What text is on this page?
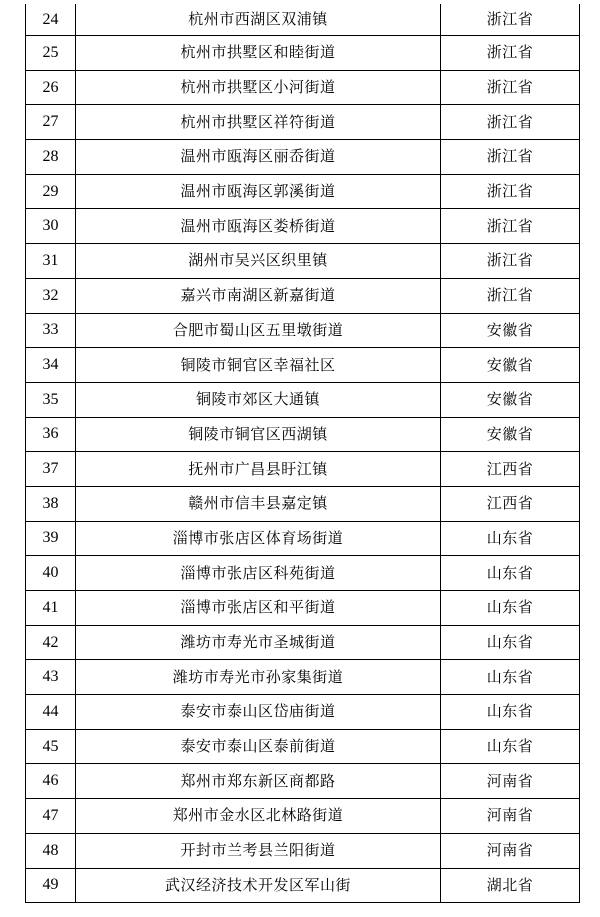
24	杭州市西湖区双浦镇	浙江省
25	杭州市拱墅区和睦街道	浙江省
26	杭州市拱墅区小河街道	浙江省
27	杭州市拱墅区祥符街道	浙江省
28	温州市瓯海区丽岙街道	浙江省
29	温州市瓯海区郭溪街道	浙江省
30	温州市瓯海区娄桥街道	浙江省
31	湖州市吴兴区织里镇	浙江省
32	嘉兴市南湖区新嘉街道	浙江省
33	合肥市蜀山区五里墩街道	安徽省
34	铜陵市铜官区幸福社区	安徽省
35	铜陵市郊区大通镇	安徽省
36	铜陵市铜官区西湖镇	安徽省
37	抚州市广昌县盱江镇	江西省
38	赣州市信丰县嘉定镇	江西省
39	淄博市张店区体育场街道	山东省
40	淄博市张店区科苑街道	山东省
41	淄博市张店区和平街道	山东省
42	潍坊市寿光市圣城街道	山东省
43	潍坊市寿光市孙家集街道	山东省
44	泰安市泰山区岱庙街道	山东省
45	泰安市泰山区泰前街道	山东省
46	郑州市郑东新区商都路	河南省
47	郑州市金水区北林路街道	河南省
48	开封市兰考县兰阳街道	河南省
49	武汉经济技术开发区军山街	湖北省
